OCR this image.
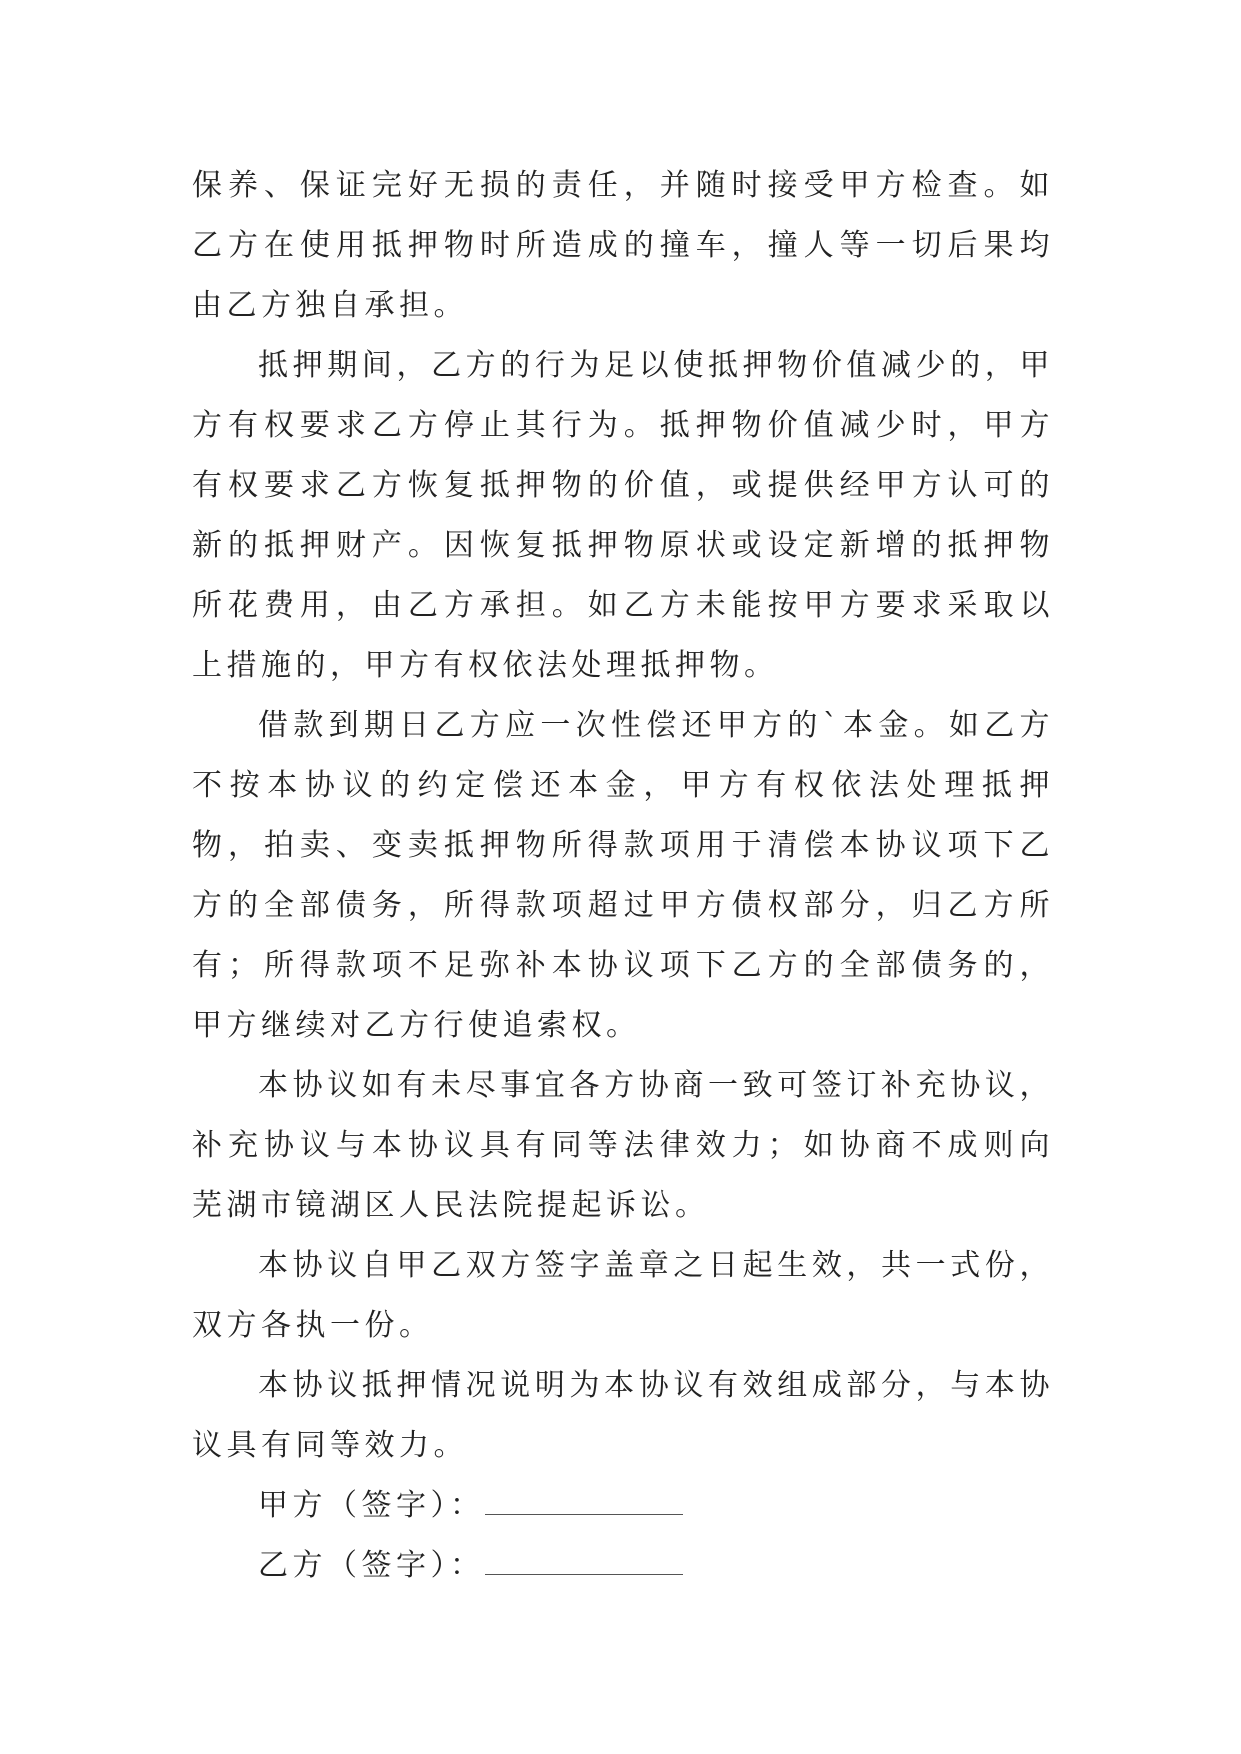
保养、保证完好无损的责任，并随时接受甲方检查。如乙方在使用抵押物时所造成的撞车，撞人等一切后果均由乙方独自承担。

抵押期间，乙方的行为足以使抵押物价值减少的，甲方有权要求乙方停止其行为。抵押物价值减少时，甲方有权要求乙方恢复抵押物的价值，或提供经甲方认可的新的抵押财产。因恢复抵押物原状或设定新增的抵押物所花费用，由乙方承担。如乙方未能按甲方要求采取以上措施的，甲方有权依法处理抵押物。

借款到期日乙方应一次性偿还甲方的`本金。如乙方不按本协议的约定偿还本金，甲方有权依法处理抵押物，拍卖、变卖抵押物所得款项用于清偿本协议项下乙方的全部债务，所得款项超过甲方债权部分，归乙方所有；所得款项不足弥补本协议项下乙方的全部债务的，甲方继续对乙方行使追索权。

本协议如有未尽事宜各方协商一致可签订补充协议，补充协议与本协议具有同等法律效力；如协商不成则向芜湖市镜湖区人民法院提起诉讼。

本协议自甲乙双方签字盖章之日起生效，共一式份，双方各执一份。

本协议抵押情况说明为本协议有效组成部分，与本协议具有同等效力。

甲方（签字）：

乙方（签字）：
